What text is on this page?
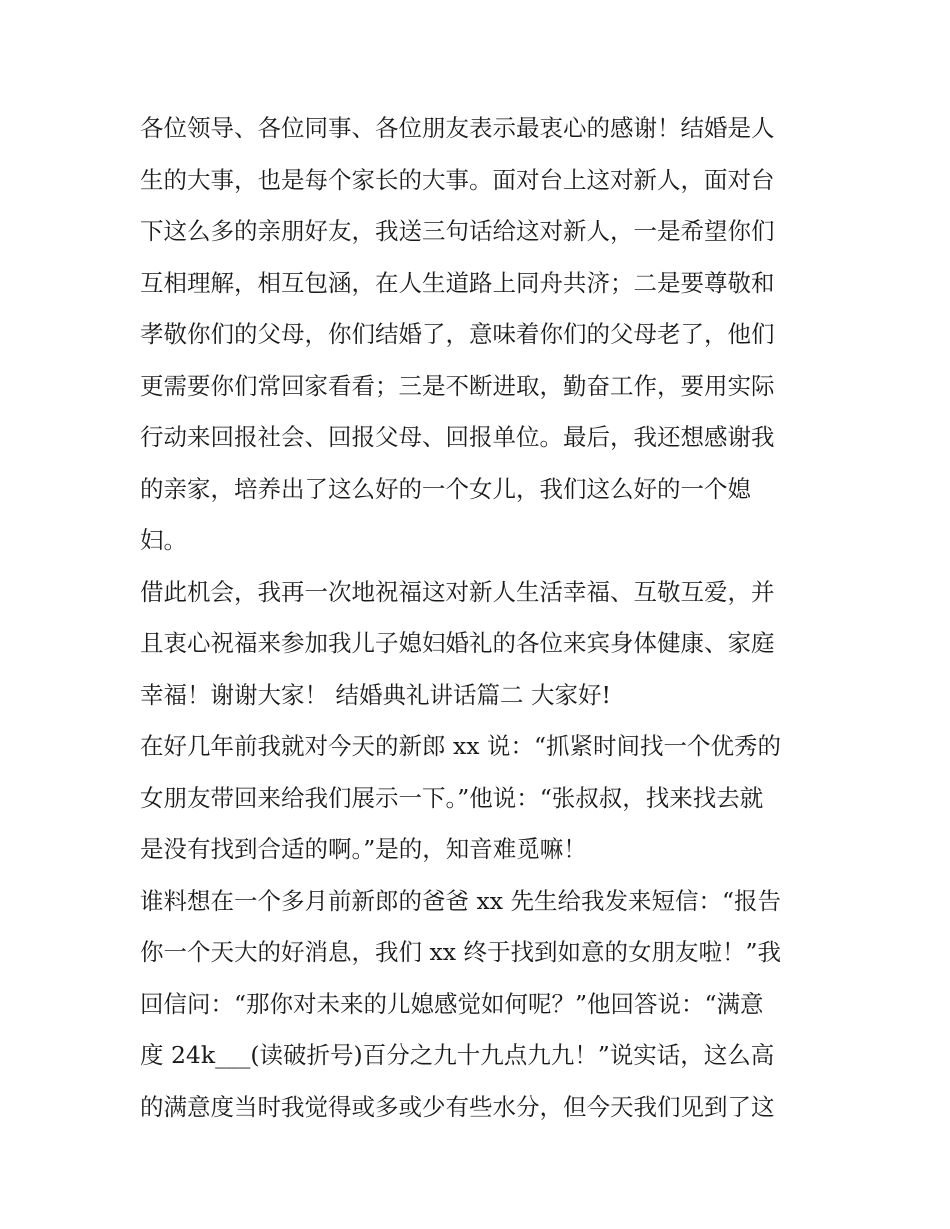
各位领导、各位同事、各位朋友表示最衷心的感谢！结婚是人
生的大事，也是每个家长的大事。面对台上这对新人，面对台
下这么多的亲朋好友，我送三句话给这对新人，一是希望你们
互相理解，相互包涵，在人生道路上同舟共济；二是要尊敬和
孝敬你们的父母，你们结婚了，意味着你们的父母老了，他们
更需要你们常回家看看；三是不断进取，勤奋工作，要用实际
行动来回报社会、回报父母、回报单位。最后，我还想感谢我
的亲家，培养出了这么好的一个女儿，我们这么好的一个媳
妇。
借此机会，我再一次地祝福这对新人生活幸福、互敬互爱，并
且衷心祝福来参加我儿子媳妇婚礼的各位来宾身体健康、家庭
幸福！谢谢大家！ 结婚典礼讲话篇二 大家好!
在好几年前我就对今天的新郎 xx 说：“抓紧时间找一个优秀的
女朋友带回来给我们展示一下。”他说：“张叔叔，找来找去就
是没有找到合适的啊。”是的，知音难觅嘛！
谁料想在一个多月前新郎的爸爸 xx 先生给我发来短信：“报告
你一个天大的好消息，我们 xx 终于找到如意的女朋友啦！”我
回信问：“那你对未来的儿媳感觉如何呢？”他回答说：“满意
度 24k___(读破折号)百分之九十九点九九！”说实话，这么高
的满意度当时我觉得或多或少有些水分，但今天我们见到了这
